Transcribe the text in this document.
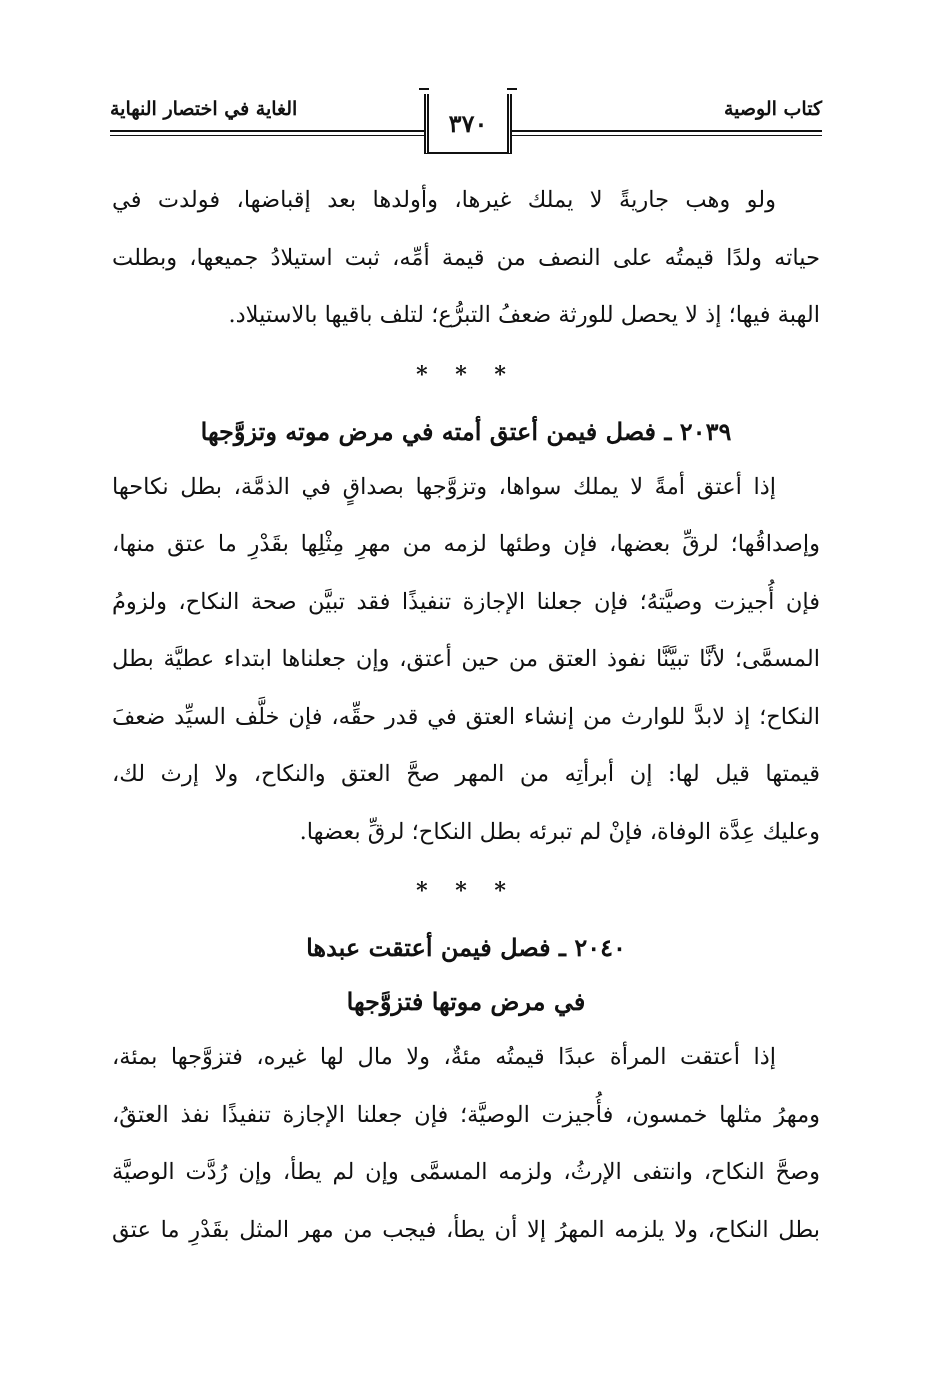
كتاب الوصية
الغاية في اختصار النهاية	٣٧٠

ولو وهب جاريةً لا يملك غيرها، وأولدها بعد إقباضها، فولدت في
حياته ولدًا قيمتُه على النصف من قيمة أمِّه، ثبت استيلادُ جميعها، وبطلت
الهبة فيها؛ إذ لا يحصل للورثة ضعفُ التبرُّع؛ لتلف باقيها بالاستيلاد.

* * *
٢٠٣٩ ـ فصل فيمن أعتق أمته في مرض موته وتزوَّجها

إذا أعتق أمةً لا يملك سواها، وتزوَّجها بصداقٍ في الذمَّة، بطل نكاحها
وإصداقُها؛ لرقِّ بعضها، فإن وطئها لزمه من مهرِ مِثْلِها بقَدْرِ ما عتق منها،
فإن أُجيزت وصيَّتهُ؛ فإن جعلنا الإجازة تنفيذًا فقد تبيَّن صحة النكاح، ولزومُ
المسمَّى؛ لأنَّا تبيَّنَّا نفوذ العتق من حين أعتق، وإن جعلناها ابتداء عطيَّة بطل
النكاح؛ إذ لابدَّ للوارث من إنشاء العتق في قدر حقِّه، فإن خلَّف السيِّد ضعفَ
قيمتها قيل لها: إن أبرأتِه من المهر صحَّ العتق والنكاح، ولا إرث لك،
وعليك عِدَّة الوفاة، فإنْ لم تبرئه بطل النكاح؛ لرقِّ بعضها.

* * *
٢٠٤٠ ـ فصل فيمن أعتقت عبدها
في مرض موتها فتزوَّجها

إذا أعتقت المرأة عبدًا قيمتُه مئةٌ، ولا مال لها غيره، فتزوَّجها بمئة،
ومهرُ مثلها خمسون، فأُجيزت الوصيَّة؛ فإن جعلنا الإجازة تنفيذًا نفذ العتقُ،
وصحَّ النكاح، وانتفى الإرثُ، ولزمه المسمَّى وإن لم يطأ، وإن رُدَّت الوصيَّة
بطل النكاح، ولا يلزمه المهرُ إلا أن يطأ، فيجب من مهر المثل بقَدْرِ ما عتق
